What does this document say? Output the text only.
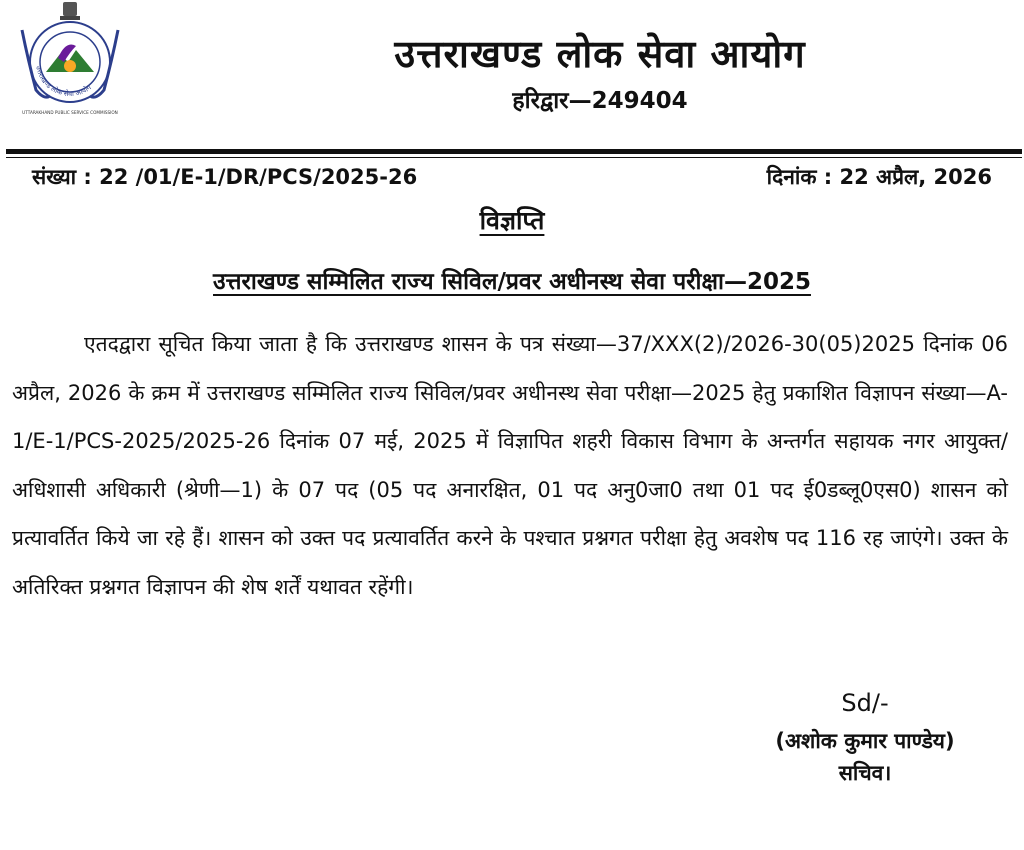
उत्तराखण्ड लोक सेवा आयोग
UTTARAKHAND PUBLIC SERVICE COMMISSION
उत्तराखण्ड लोक सेवा आयोग
हरिद्वार—249404
संख्या : 22 /01/E-1/DR/PCS/2025-26	दिनांक : 22 अप्रैल, 2026
विज्ञप्ति
उत्तराखण्ड सम्मिलित राज्य सिविल/प्रवर अधीनस्थ सेवा परीक्षा—2025
एतदद्वारा सूचित किया जाता है कि उत्तराखण्ड शासन के पत्र संख्या—37/XXX(2)/2026-30(05)2025 दिनांक 06 अप्रैल, 2026 के क्रम में उत्तराखण्ड सम्मिलित राज्य सिविल/प्रवर अधीनस्थ सेवा परीक्षा—2025 हेतु प्रकाशित विज्ञापन संख्या—A-1/E-1/PCS-2025/2025-26 दिनांक 07 मई, 2025 में विज्ञापित शहरी विकास विभाग के अन्तर्गत सहायक नगर आयुक्त/अधिशासी अधिकारी (श्रेणी—1) के 07 पद (05 पद अनारक्षित, 01 पद अनु0जा0 तथा 01 पद ई0डब्लू0एस0) शासन को प्रत्यावर्तित किये जा रहे हैं। शासन को उक्त पद प्रत्यावर्तित करने के पश्चात प्रश्नगत परीक्षा हेतु अवशेष पद 116 रह जाएंगे। उक्त के अतिरिक्त प्रश्नगत विज्ञापन की शेष शर्तें यथावत रहेंगी।
Sd/-
(अशोक कुमार पाण्डेय)
सचिव।
